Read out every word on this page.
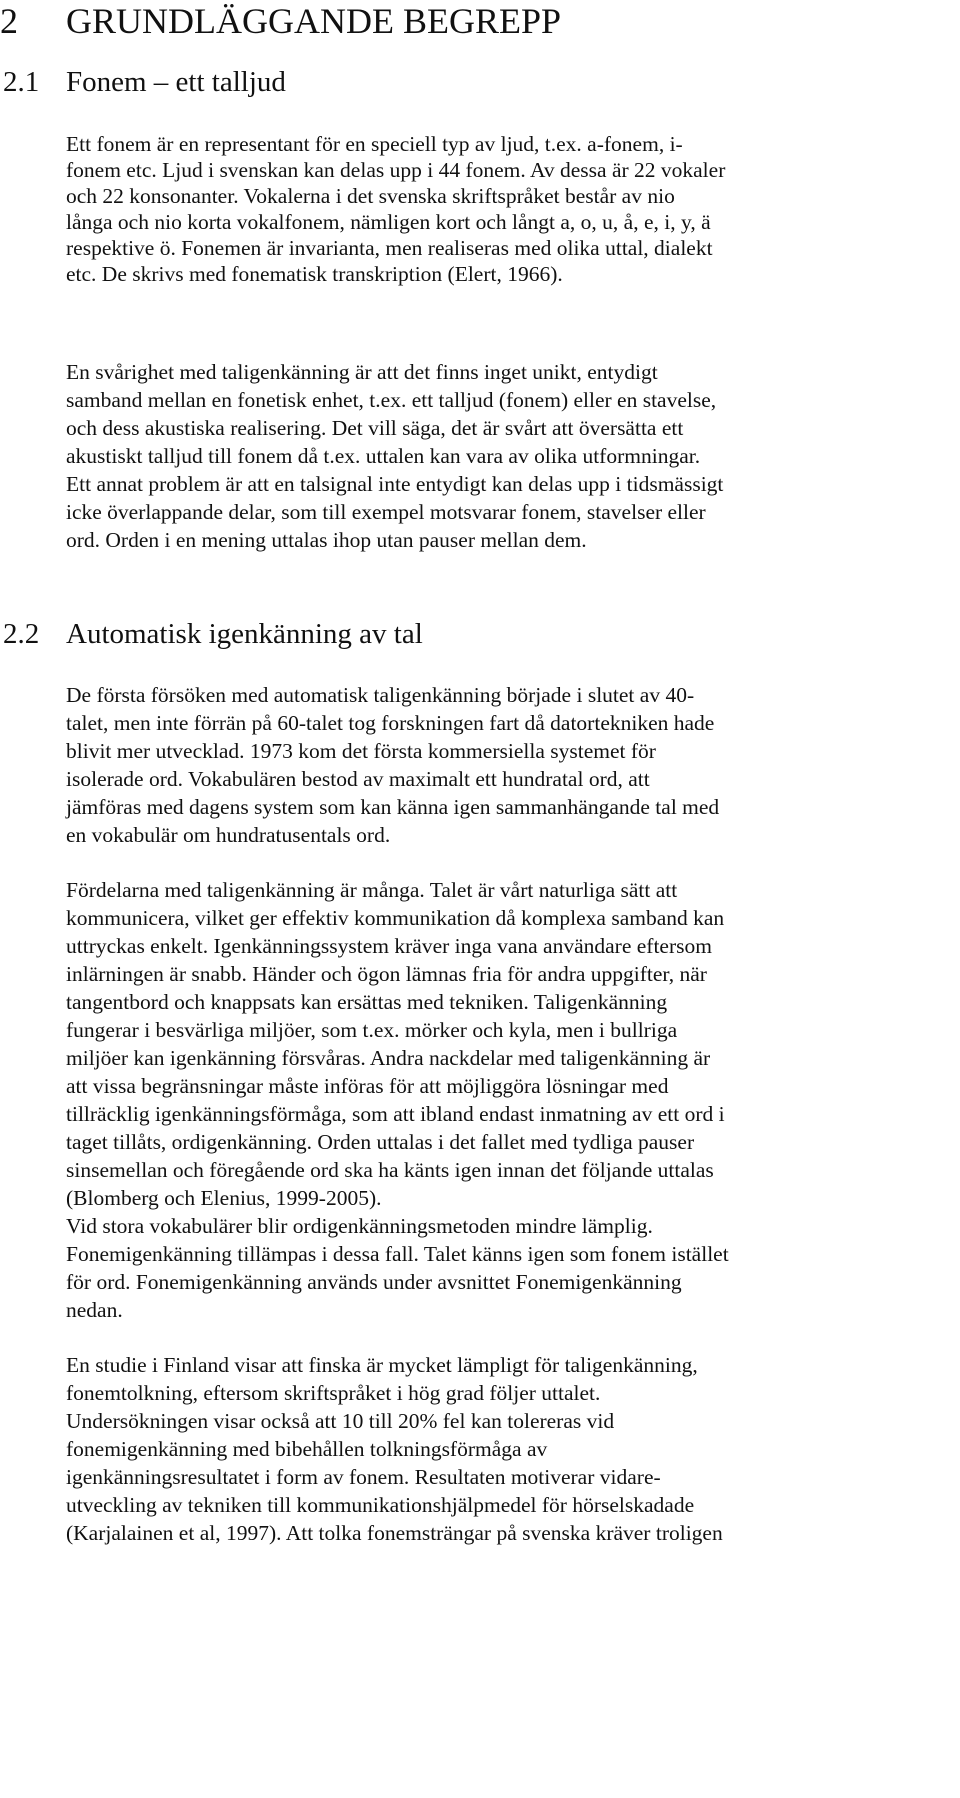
2 GRUNDLÄGGANDE BEGREPP
2.1 Fonem – ett talljud
Ett fonem är en representant för en speciell typ av ljud, t.ex. a-fonem, i-
fonem etc. Ljud i svenskan kan delas upp i 44 fonem. Av dessa är 22 vokaler
och 22 konsonanter. Vokalerna i det svenska skriftspråket består av nio
långa och nio korta vokalfonem, nämligen kort och långt a, o, u, å, e, i, y, ä
respektive ö. Fonemen är invarianta, men realiseras med olika uttal, dialekt
etc. De skrivs med fonematisk transkription (Elert, 1966).
En svårighet med taligenkänning är att det finns inget unikt, entydigt
samband mellan en fonetisk enhet, t.ex. ett talljud (fonem) eller en stavelse,
och dess akustiska realisering. Det vill säga, det är svårt att översätta ett
akustiskt talljud till fonem då t.ex. uttalen kan vara av olika utformningar.
Ett annat problem är att en talsignal inte entydigt kan delas upp i tidsmässigt
icke överlappande delar, som till exempel motsvarar fonem, stavelser eller
ord. Orden i en mening uttalas ihop utan pauser mellan dem.
2.2 Automatisk igenkänning av tal
De första försöken med automatisk taligenkänning började i slutet av 40-
talet, men inte förrän på 60-talet tog forskningen fart då datortekniken hade
blivit mer utvecklad. 1973 kom det första kommersiella systemet för
isolerade ord. Vokabulären bestod av maximalt ett hundratal ord, att
jämföras med dagens system som kan känna igen sammanhängande tal med
en vokabulär om hundratusentals ord.
Fördelarna med taligenkänning är många. Talet är vårt naturliga sätt att
kommunicera, vilket ger effektiv kommunikation då komplexa samband kan
uttryckas enkelt. Igenkänningssystem kräver inga vana användare eftersom
inlärningen är snabb. Händer och ögon lämnas fria för andra uppgifter, när
tangentbord och knappsats kan ersättas med tekniken. Taligenkänning
fungerar i besvärliga miljöer, som t.ex. mörker och kyla, men i bullriga
miljöer kan igenkänning försvåras. Andra nackdelar med taligenkänning är
att vissa begränsningar måste införas för att möjliggöra lösningar med
tillräcklig igenkänningsförmåga, som att ibland endast inmatning av ett ord i
taget tillåts, ordigenkänning. Orden uttalas i det fallet med tydliga pauser
sinsemellan och föregående ord ska ha känts igen innan det följande uttalas
(Blomberg och Elenius, 1999-2005).
Vid stora vokabulärer blir ordigenkänningsmetoden mindre lämplig.
Fonemigenkänning tillämpas i dessa fall. Talet känns igen som fonem istället
för ord. Fonemigenkänning används under avsnittet Fonemigenkänning
nedan.
En studie i Finland visar att finska är mycket lämpligt för taligenkänning,
fonemtolkning, eftersom skriftspråket i hög grad följer uttalet.
Undersökningen visar också att 10 till 20% fel kan tolereras vid
fonemigenkänning med bibehållen tolkningsförmåga av
igenkänningsresultatet i form av fonem. Resultaten motiverar vidare-
utveckling av tekniken till kommunikationshjälpmedel för hörselskadade
(Karjalainen et al, 1997). Att tolka fonemsträngar på svenska kräver troligen
